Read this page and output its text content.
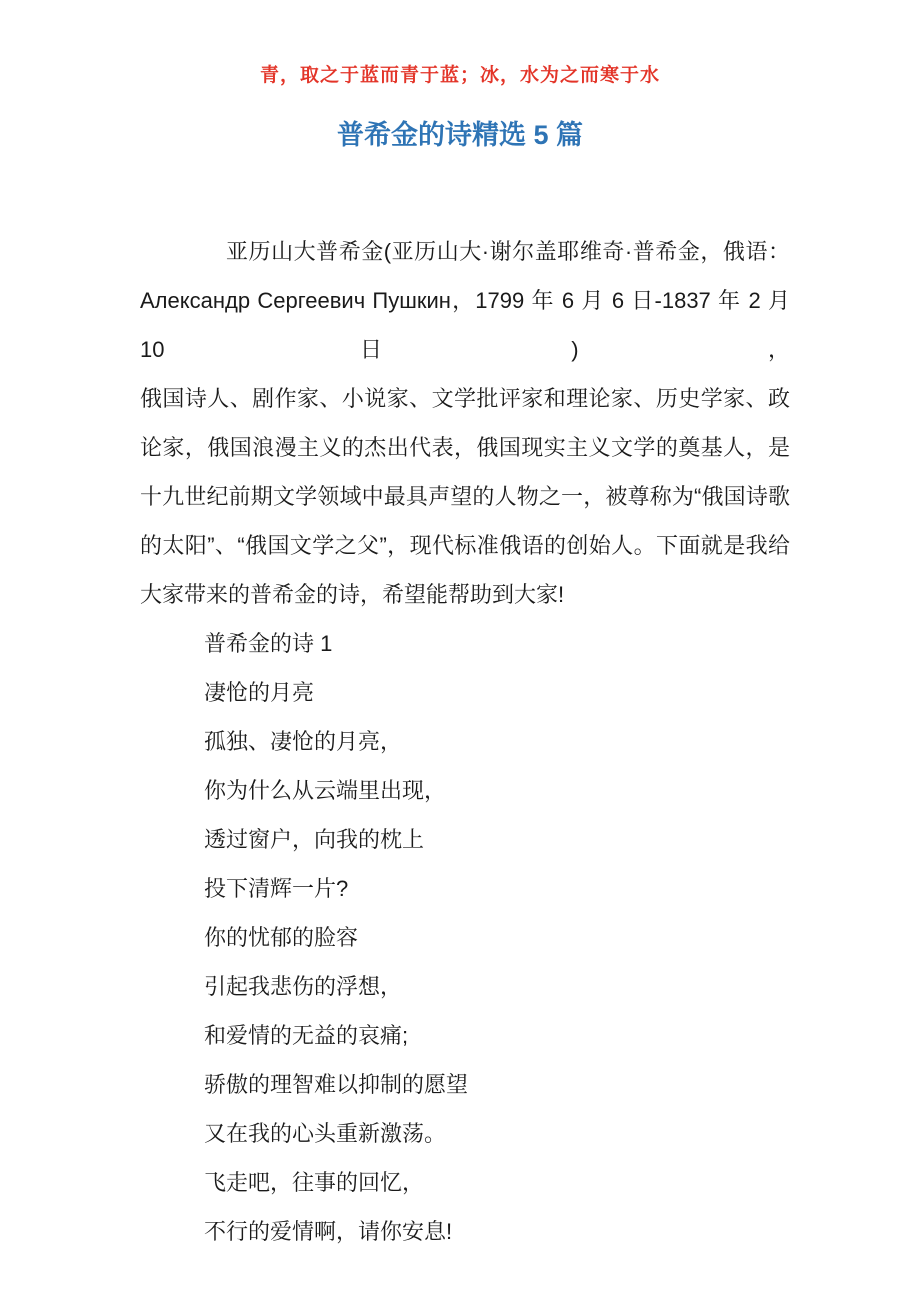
青，取之于蓝而青于蓝；冰，水为之而寒于水
普希金的诗精选 5 篇
亚历山大普希金(亚历山大·谢尔盖耶维奇·普希金，俄语：
Александр Сергеевич Пушкин，1799 年 6 月 6 日-1837 年 2 月 10 日)，
俄国诗人、剧作家、小说家、文学批评家和理论家、历史学家、政
论家，俄国浪漫主义的杰出代表，俄国现实主义文学的奠基人，是
十九世纪前期文学领域中最具声望的人物之一，被尊称为“俄国诗歌
的太阳”、“俄国文学之父”，现代标准俄语的创始人。下面就是我给
大家带来的普希金的诗，希望能帮助到大家!
普希金的诗 1
凄怆的月亮
孤独、凄怆的月亮，
你为什么从云端里出现，
透过窗户，向我的枕上
投下清辉一片?
你的忧郁的脸容
引起我悲伤的浮想，
和爱情的无益的哀痛;
骄傲的理智难以抑制的愿望
又在我的心头重新激荡。
飞走吧，往事的回忆，
不行的爱情啊，请你安息!
